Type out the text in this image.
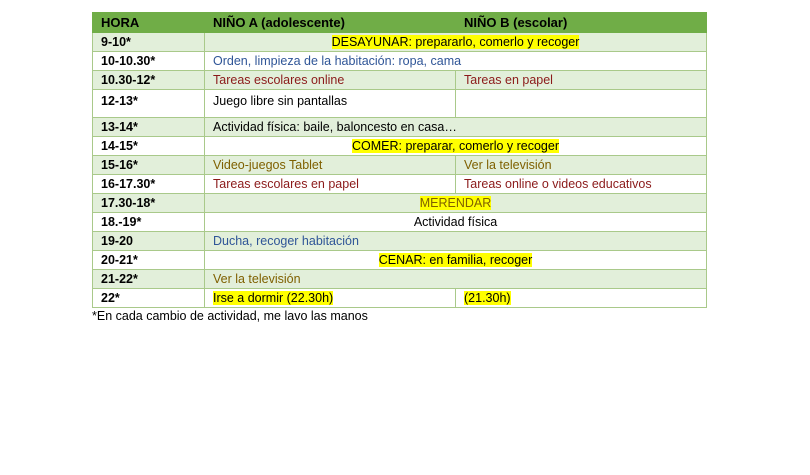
HORA	NIÑO A (adolescente)	NIÑO B (escolar)
9-10*	DESAYUNAR: prepararlo, comerlo y recoger	
10-10.30*	Orden, limpieza de la habitación: ropa, cama	
10.30-12*	Tareas escolares online	Tareas en papel
12-13*	Juego libre sin pantallas	
13-14*	Actividad física: baile, baloncesto en casa…	
14-15*	COMER: preparar, comerlo y recoger	
15-16*	Video-juegos Tablet	Ver la televisión
16-17.30*	Tareas escolares en papel	Tareas online o videos educativos
17.30-18*	MERENDAR	
18.-19*	Actividad física	
19-20	Ducha, recoger habitación	
20-21*	CENAR: en familia, recoger	
21-22*	Ver la televisión	
22*	Irse a dormir (22.30h)	(21.30h)
*En cada cambio de actividad, me lavo las manos
